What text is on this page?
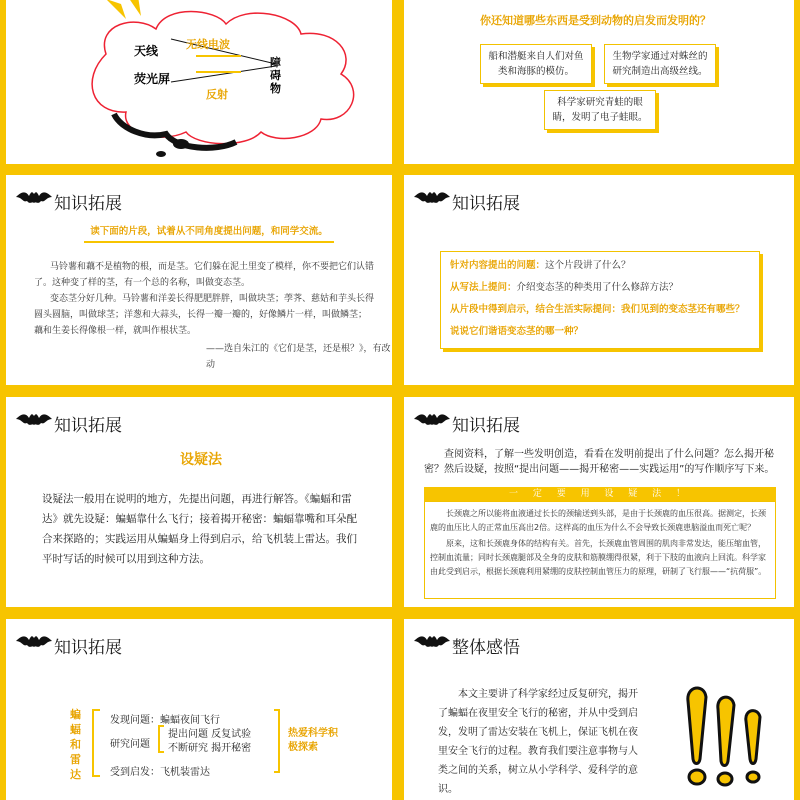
天线
荧光屏
无线电波
反射
障碍物
你还知道哪些东西是受到动物的启发而发明的？
船和潜艇来自人们对鱼类和海豚的模仿。
生物学家通过对蛛丝的研究制造出高级丝线。
科学家研究青蛙的眼睛，发明了电子蛙眼。
知识拓展
读下面的片段，试着从不同角度提出问题，和同学交流。
马铃薯和藕不是植物的根，而是茎。它们躲在泥土里变了模样，你不要把它们认错了。这种变了样的茎，有一个总的名称，叫做变态茎。
变态茎分好几种。马铃薯和洋姜长得肥肥胖胖，叫做块茎；荸荠、慈姑和芋头长得圆头圆脑，叫做球茎；洋葱和大蒜头，长得一瓣一瓣的，好像鳞片一样，叫做鳞茎；藕和生姜长得像根一样，就叫作根状茎。
——选自朱江的《它们是茎，还是根？》，有改动
知识拓展
针对内容提出的问题：这个片段讲了什么？
从写法上提问：介绍变态茎的种类用了什么修辞方法？
从片段中得到启示，结合生活实际提问：我们见到的变态茎还有哪些？
说说它们谐语变态茎的哪一种？
知识拓展
设疑法
设疑法一般用在说明的地方，先提出问题，再进行解答。《蝙蝠和雷达》就先设疑：蝙蝠靠什么飞行；接着揭开秘密：蝙蝠靠嘴和耳朵配合来探路的；实践运用从蝙蝠身上得到启示，给飞机装上雷达。我们平时写话的时候可以用到这种方法。
知识拓展
查阅资料，了解一些发明创造，看看在发明前提出了什么问题？怎么揭开秘密？然后设疑，按照“提出问题——揭开秘密——实践运用”的写作顺序写下来。
一 定 要 用 设 疑 法 ！
长颈鹿之所以能将血液通过长长的颈输送到头部，是由于长颈鹿的血压很高。据测定，长颈鹿的血压比人的正常血压高出2倍。这样高的血压为什么不会导致长颈鹿患脑溢血而死亡呢？
原来，这和长颈鹿身体的结构有关。首先，长颈鹿血管周围的肌肉非常发达，能压缩血管，控制血流量；同时长颈鹿腿部及全身的皮肤和筋膜绷得很紧，利于下肢的血液向上回流。科学家由此受到启示，根据长颈鹿利用紧绷的皮肤控制血管压力的原理，研制了飞行服——“抗荷服”。
知识拓展
蝙蝠和雷达
发现问题：蝙蝠夜间飞行
研究问题
提出问题 反复试验
不断研究 揭开秘密
受到启发：飞机装雷达
热爱科学积极探索
整体感悟
本文主要讲了科学家经过反复研究，揭开了蝙蝠在夜里安全飞行的秘密，并从中受到启发，发明了雷达安装在飞机上，保证飞机在夜里安全飞行的过程。教育我们要注意事物与人类之间的关系，树立从小学科学、爱科学的意识。
